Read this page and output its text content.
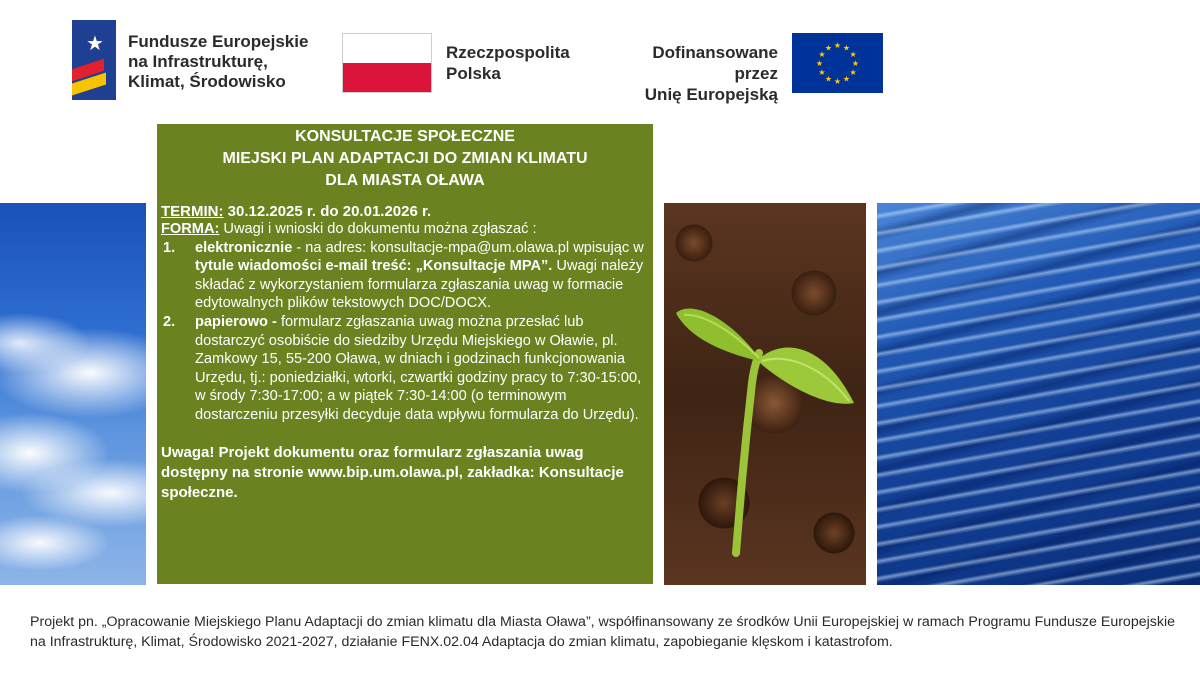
★ Fundusze Europejskie
na Infrastrukturę,
Klimat, Środowisko
Rzeczpospolita
Polska
Dofinansowane przez
Unię Europejską
★ ★
★
★
★
★
★
★
★
★
★
★
KONSULTACJE SPOŁECZNE
MIEJSKI PLAN ADAPTACJI DO ZMIAN KLIMATU
DLA MIASTA OŁAWA
TERMIN: 30.12.2025 r. do 20.01.2026 r.
FORMA: Uwagi i wnioski do dokumentu można zgłaszać :
1. elektronicznie - na adres: konsultacje-mpa@um.olawa.pl wpisując w tytule wiadomości e-mail treść: „Konsultacje MPA”. Uwagi należy składać z wykorzystaniem formularza zgłaszania uwag w formacie edytowalnych plików tekstowych DOC/DOCX.
2. papierowo - formularz zgłaszania uwag można przesłać lub dostarczyć osobiście do siedziby Urzędu Miejskiego w Oławie, pl. Zamkowy 15, 55-200 Oława, w dniach i godzinach funkcjonowania Urzędu, tj.: poniedziałki, wtorki, czwartki godziny pracy to 7:30-15:00, w środy 7:30-17:00; a w piątek 7:30-14:00 (o terminowym dostarczeniu przesyłki decyduje data wpływu formularza do Urzędu).
Uwaga! Projekt dokumentu oraz formularz zgłaszania uwag dostępny na stronie www.bip.um.olawa.pl, zakładka: Konsultacje społeczne.
Projekt pn. „Opracowanie Miejskiego Planu Adaptacji do zmian klimatu dla Miasta Oława”, współfinansowany ze środków Unii Europejskiej w ramach Programu Fundusze Europejskie na Infrastrukturę, Klimat, Środowisko 2021-2027, działanie FENX.02.04 Adaptacja do zmian klimatu, zapobieganie klęskom i katastrofom.
